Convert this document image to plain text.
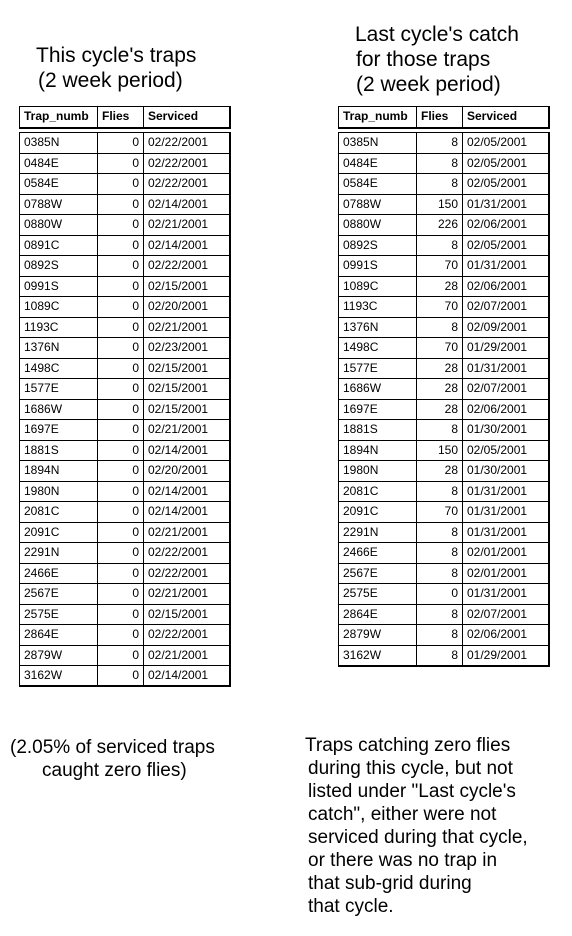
This cycle's traps
(2 week period)
Last cycle's catch
for those traps
(2 week period)
Trap_numb	Flies	Serviced
0385N	0	02/22/2001
0484E	0	02/22/2001
0584E	0	02/22/2001
0788W	0	02/14/2001
0880W	0	02/21/2001
0891C	0	02/14/2001
0892S	0	02/22/2001
0991S	0	02/15/2001
1089C	0	02/20/2001
1193C	0	02/21/2001
1376N	0	02/23/2001
1498C	0	02/15/2001
1577E	0	02/15/2001
1686W	0	02/15/2001
1697E	0	02/21/2001
1881S	0	02/14/2001
1894N	0	02/20/2001
1980N	0	02/14/2001
2081C	0	02/14/2001
2091C	0	02/21/2001
2291N	0	02/22/2001
2466E	0	02/22/2001
2567E	0	02/21/2001
2575E	0	02/15/2001
2864E	0	02/22/2001
2879W	0	02/21/2001
3162W	0	02/14/2001
Trap_numb	Flies	Serviced
0385N	8	02/05/2001
0484E	8	02/05/2001
0584E	8	02/05/2001
0788W	150	01/31/2001
0880W	226	02/06/2001
0892S	8	02/05/2001
0991S	70	01/31/2001
1089C	28	02/06/2001
1193C	70	02/07/2001
1376N	8	02/09/2001
1498C	70	01/29/2001
1577E	28	01/31/2001
1686W	28	02/07/2001
1697E	28	02/06/2001
1881S	8	01/30/2001
1894N	150	02/05/2001
1980N	28	01/30/2001
2081C	8	01/31/2001
2091C	70	01/31/2001
2291N	8	01/31/2001
2466E	8	02/01/2001
2567E	8	02/01/2001
2575E	0	01/31/2001
2864E	8	02/07/2001
2879W	8	02/06/2001
3162W	8	01/29/2001
(2.05% of serviced traps
caught zero flies)
Traps catching zero flies
during this cycle, but not
listed under "Last cycle's
catch", either were not
serviced during that cycle,
or there was no trap in
that sub-grid during
that cycle.
